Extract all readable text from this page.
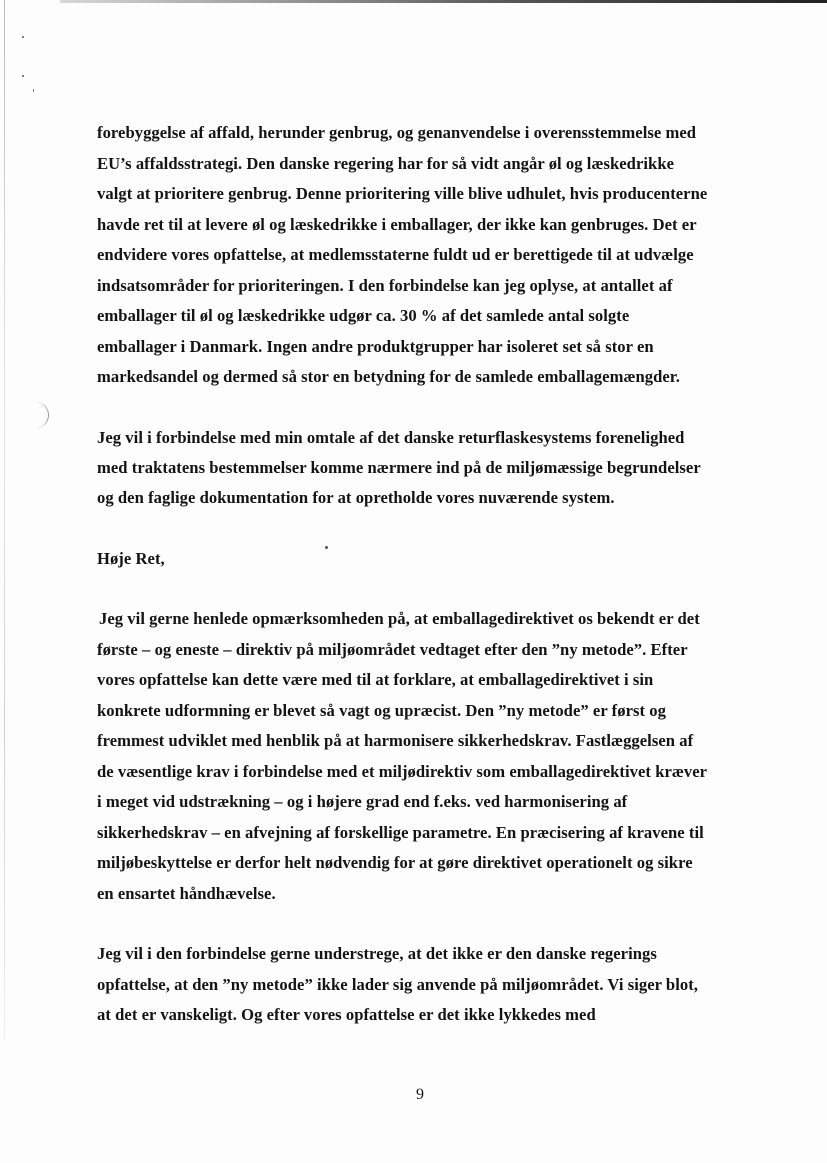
forebyggelse af affald, herunder genbrug, og genanvendelse i overensstemmelse med
EU’s affaldsstrategi. Den danske regering har for så vidt angår øl og læskedrikke
valgt at prioritere genbrug. Denne prioritering ville blive udhulet, hvis producenterne
havde ret til at levere øl og læskedrikke i emballager, der ikke kan genbruges. Det er
endvidere vores opfattelse, at medlemsstaterne fuldt ud er berettigede til at udvælge
indsatsområder for prioriteringen. I den forbindelse kan jeg oplyse, at antallet af
emballager til øl og læskedrikke udgør ca. 30 % af det samlede antal solgte
emballager i Danmark. Ingen andre produktgrupper har isoleret set så stor en
markedsandel og dermed så stor en betydning for de samlede emballagemængder.
Jeg vil i forbindelse med min omtale af det danske returflaskesystems forenelighed
med traktatens bestemmelser komme nærmere ind på de miljømæssige begrundelser
og den faglige dokumentation for at opretholde vores nuværende system.
Høje Ret,
Jeg vil gerne henlede opmærksomheden på, at emballagedirektivet os bekendt er det
første – og eneste – direktiv på miljøområdet vedtaget efter den ”ny metode”. Efter
vores opfattelse kan dette være med til at forklare, at emballagedirektivet i sin
konkrete udformning er blevet så vagt og upræcist. Den ”ny metode” er først og
fremmest udviklet med henblik på at harmonisere sikkerhedskrav. Fastlæggelsen af
de væsentlige krav i forbindelse med et miljødirektiv som emballagedirektivet kræver
i meget vid udstrækning – og i højere grad end f.eks. ved harmonisering af
sikkerhedskrav – en afvejning af forskellige parametre. En præcisering af kravene til
miljøbeskyttelse er derfor helt nødvendig for at gøre direktivet operationelt og sikre
en ensartet håndhævelse.
Jeg vil i den forbindelse gerne understrege, at det ikke er den danske regerings
opfattelse, at den ”ny metode” ikke lader sig anvende på miljøområdet. Vi siger blot,
at det er vanskeligt. Og efter vores opfattelse er det ikke lykkedes med
9
